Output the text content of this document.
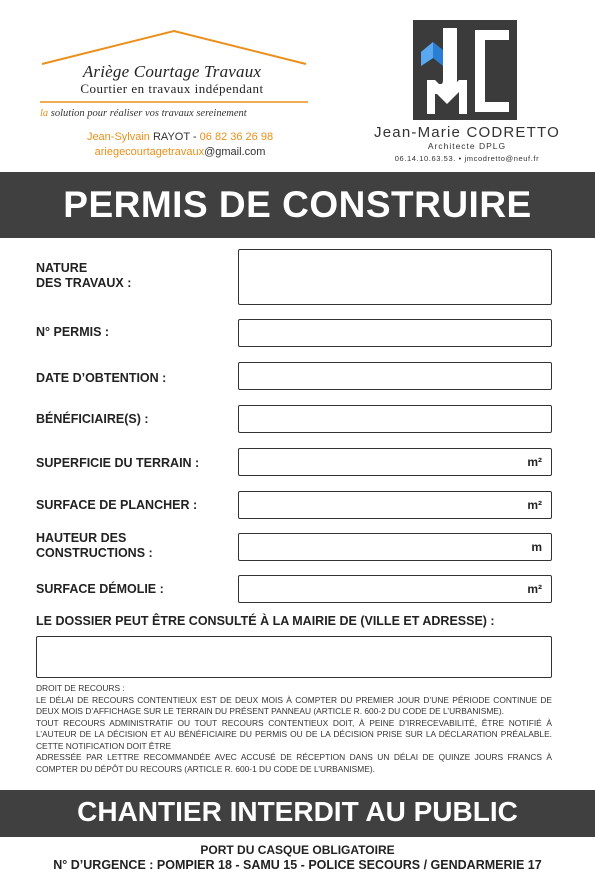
Ariège Courtage Travaux
Courtier en travaux indépendant
la solution pour réaliser vos travaux sereinement
Jean-Sylvain RAYOT - 06 82 36 26 98
ariegecourtagetravaux@gmail.com
Jean-Marie CODRETTO
Architecte DPLG
06.14.10.63.53. • jmcodretto@neuf.fr
PERMIS DE CONSTRUIRE
NATURE
DES TRAVAUX :
N° PERMIS :
DATE D’OBTENTION :
BÉNÉFICIAIRE(S) :
SUPERFICIE DU TERRAIN :	m²
SURFACE DE PLANCHER :	m²
HAUTEUR DES
CONSTRUCTIONS :	m
SURFACE DÉMOLIE :	m²
LE DOSSIER PEUT ÊTRE CONSULTÉ À LA MAIRIE DE (VILLE ET ADRESSE) :
DROIT DE RECOURS :
LE DÉLAI DE RECOURS CONTENTIEUX EST DE DEUX MOIS À COMPTER DU PREMIER JOUR D’UNE PÉRIODE CONTINUE DE DEUX MOIS D’AFFICHAGE SUR LE TERRAIN DU PRÉSENT PANNEAU (ARTICLE R. 600-2 DU CODE DE L’URBANISME).
TOUT RECOURS ADMINISTRATIF OU TOUT RECOURS CONTENTIEUX DOIT, À PEINE D’IRRECEVABILITÉ, ÊTRE NOTIFIÉ À L’AUTEUR DE LA DÉCISION ET AU BÉNÉFICIAIRE DU PERMIS OU DE LA DÉCISION PRISE SUR LA DÉCLARATION PRÉALABLE. CETTE NOTIFICATION DOIT ÊTRE
ADRESSÉE PAR LETTRE RECOMMANDÉE AVEC ACCUSÉ DE RÉCEPTION DANS UN DÉLAI DE QUINZE JOURS FRANCS À COMPTER DU DÉPÔT DU RECOURS (ARTICLE R. 600-1 DU CODE DE L’URBANISME).
CHANTIER INTERDIT AU PUBLIC
PORT DU CASQUE OBLIGATOIRE
N° D’URGENCE : POMPIER 18 - SAMU 15 - POLICE SECOURS / GENDARMERIE 17
